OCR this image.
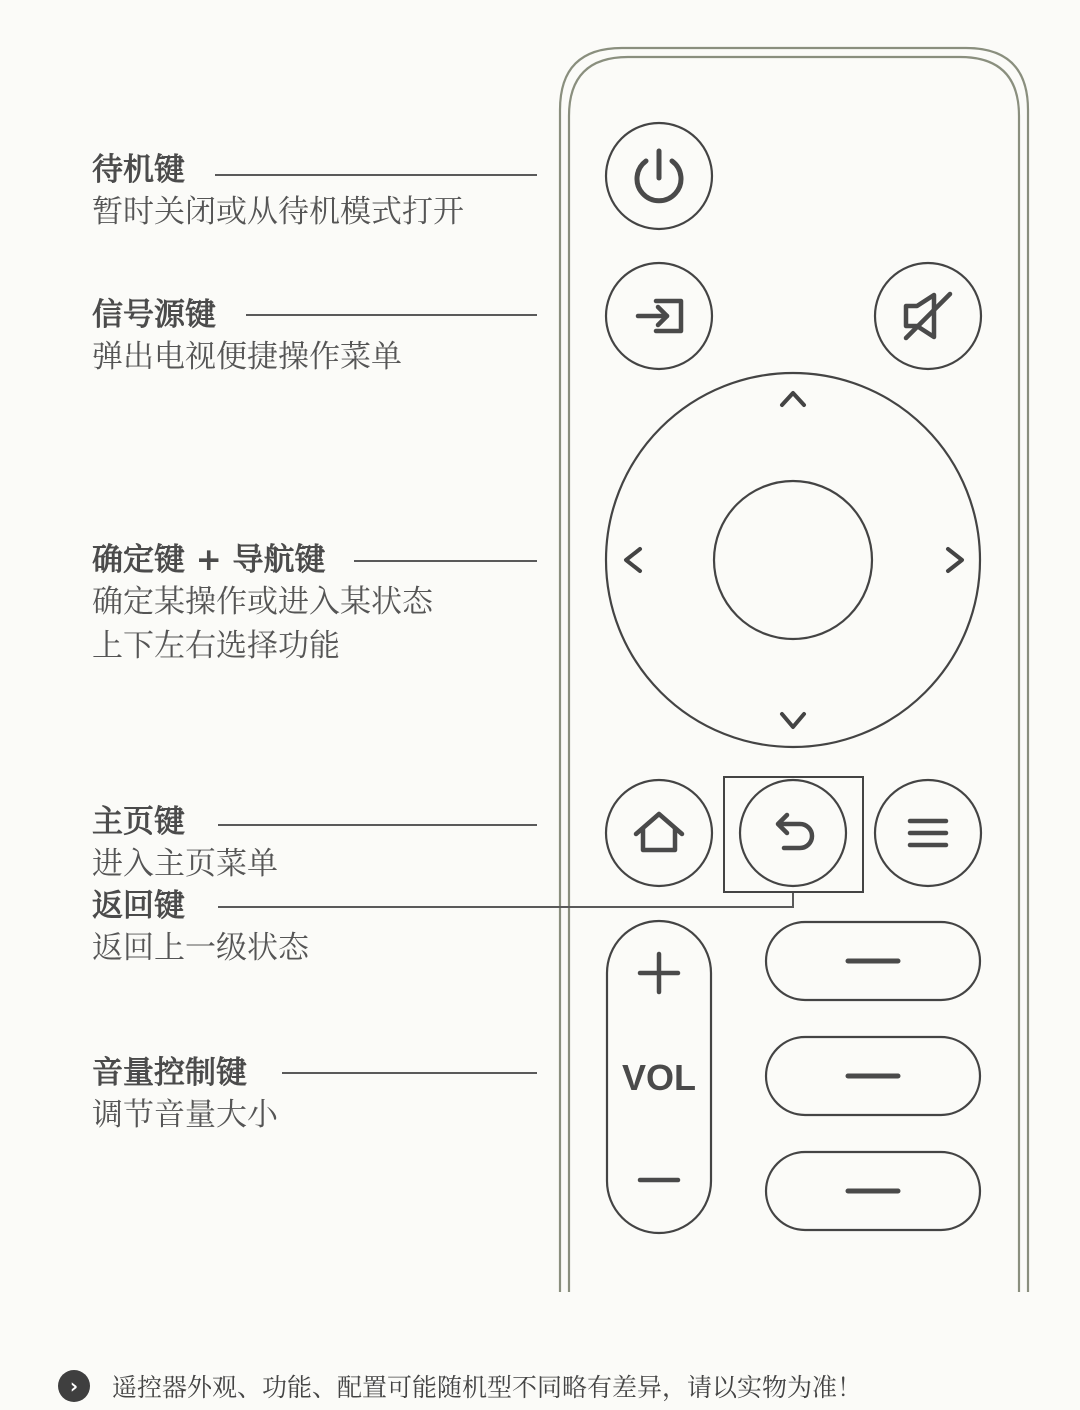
待机键
暂时关闭或从待机模式打开
信号源键
弹出电视便捷操作菜单
确定键 + 导航键
确定某操作或进入某状态
上下左右选择功能
主页键
进入主页菜单
返回键
返回上一级状态
音量控制键
调节音量大小
VOL
›	遥控器外观、功能、配置可能随机型不同略有差异，请以实物为准！
